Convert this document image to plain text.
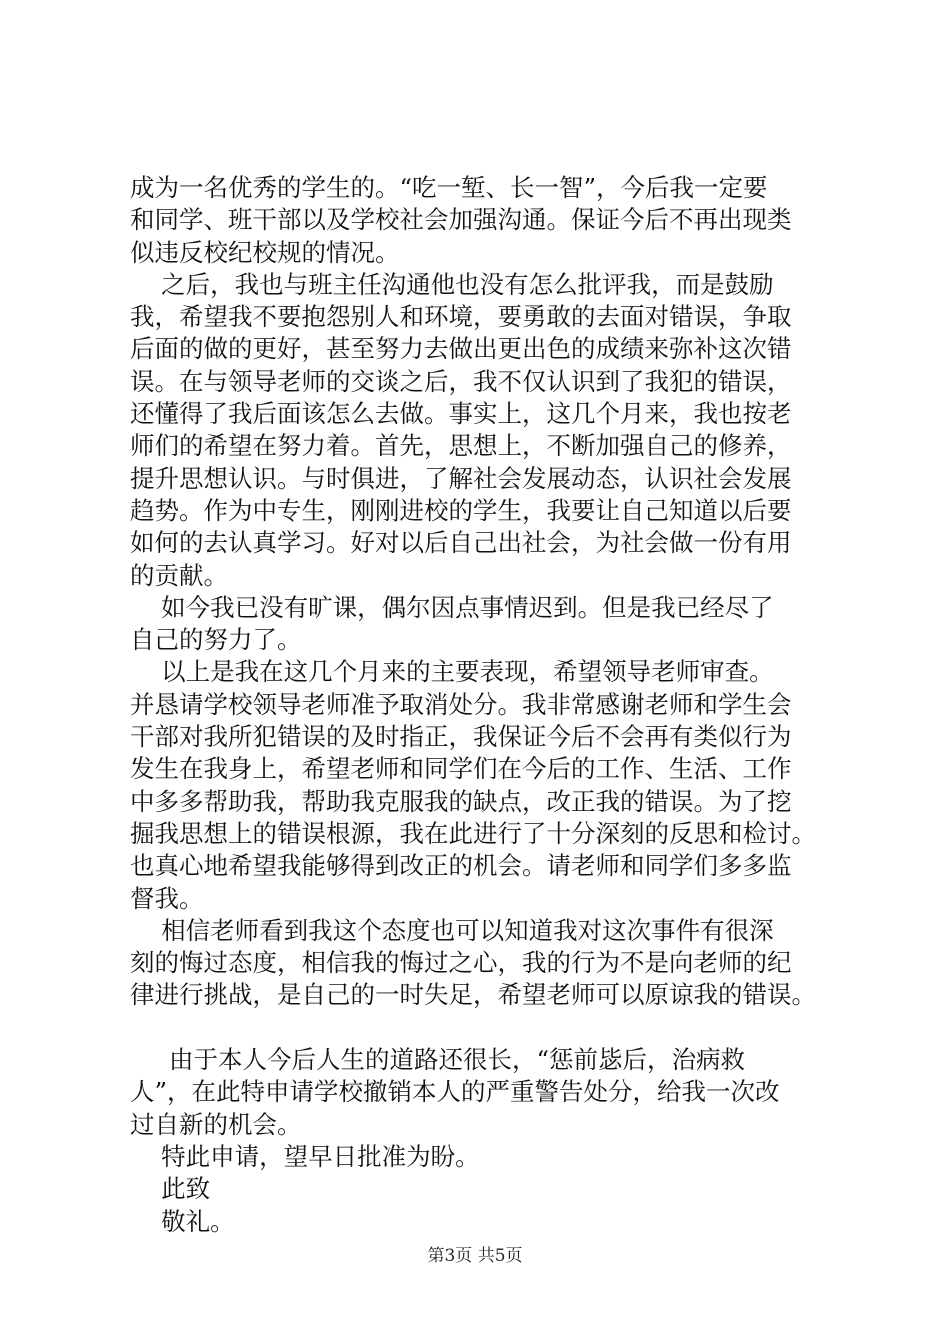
成为一名优秀的学生的。“吃一堑、长一智”，今后我一定要
和同学、班干部以及学校社会加强沟通。保证今后不再出现类
似违反校纪校规的情况。
之后，我也与班主任沟通他也没有怎么批评我，而是鼓励
我，希望我不要抱怨别人和环境，要勇敢的去面对错误，争取
后面的做的更好，甚至努力去做出更出色的成绩来弥补这次错
误。在与领导老师的交谈之后，我不仅认识到了我犯的错误，
还懂得了我后面该怎么去做。事实上，这几个月来，我也按老
师们的希望在努力着。首先，思想上，不断加强自己的修养，
提升思想认识。与时俱进，了解社会发展动态，认识社会发展
趋势。作为中专生，刚刚进校的学生，我要让自己知道以后要
如何的去认真学习。好对以后自己出社会，为社会做一份有用
的贡献。
如今我已没有旷课，偶尔因点事情迟到。但是我已经尽了
自己的努力了。
以上是我在这几个月来的主要表现，希望领导老师审查。
并恳请学校领导老师准予取消处分。我非常感谢老师和学生会
干部对我所犯错误的及时指正，我保证今后不会再有类似行为
发生在我身上，希望老师和同学们在今后的工作、生活、工作
中多多帮助我，帮助我克服我的缺点，改正我的错误。为了挖
掘我思想上的错误根源，我在此进行了十分深刻的反思和检讨。
也真心地希望我能够得到改正的机会。请老师和同学们多多监
督我。
相信老师看到我这个态度也可以知道我对这次事件有很深
刻的悔过态度，相信我的悔过之心，我的行为不是向老师的纪
律进行挑战，是自己的一时失足，希望老师可以原谅我的错误。
由于本人今后人生的道路还很长，“惩前毖后，治病救
人”，在此特申请学校撤销本人的严重警告处分，给我一次改
过自新的机会。
特此申请，望早日批准为盼。
此致
敬礼。
第3页 共5页
